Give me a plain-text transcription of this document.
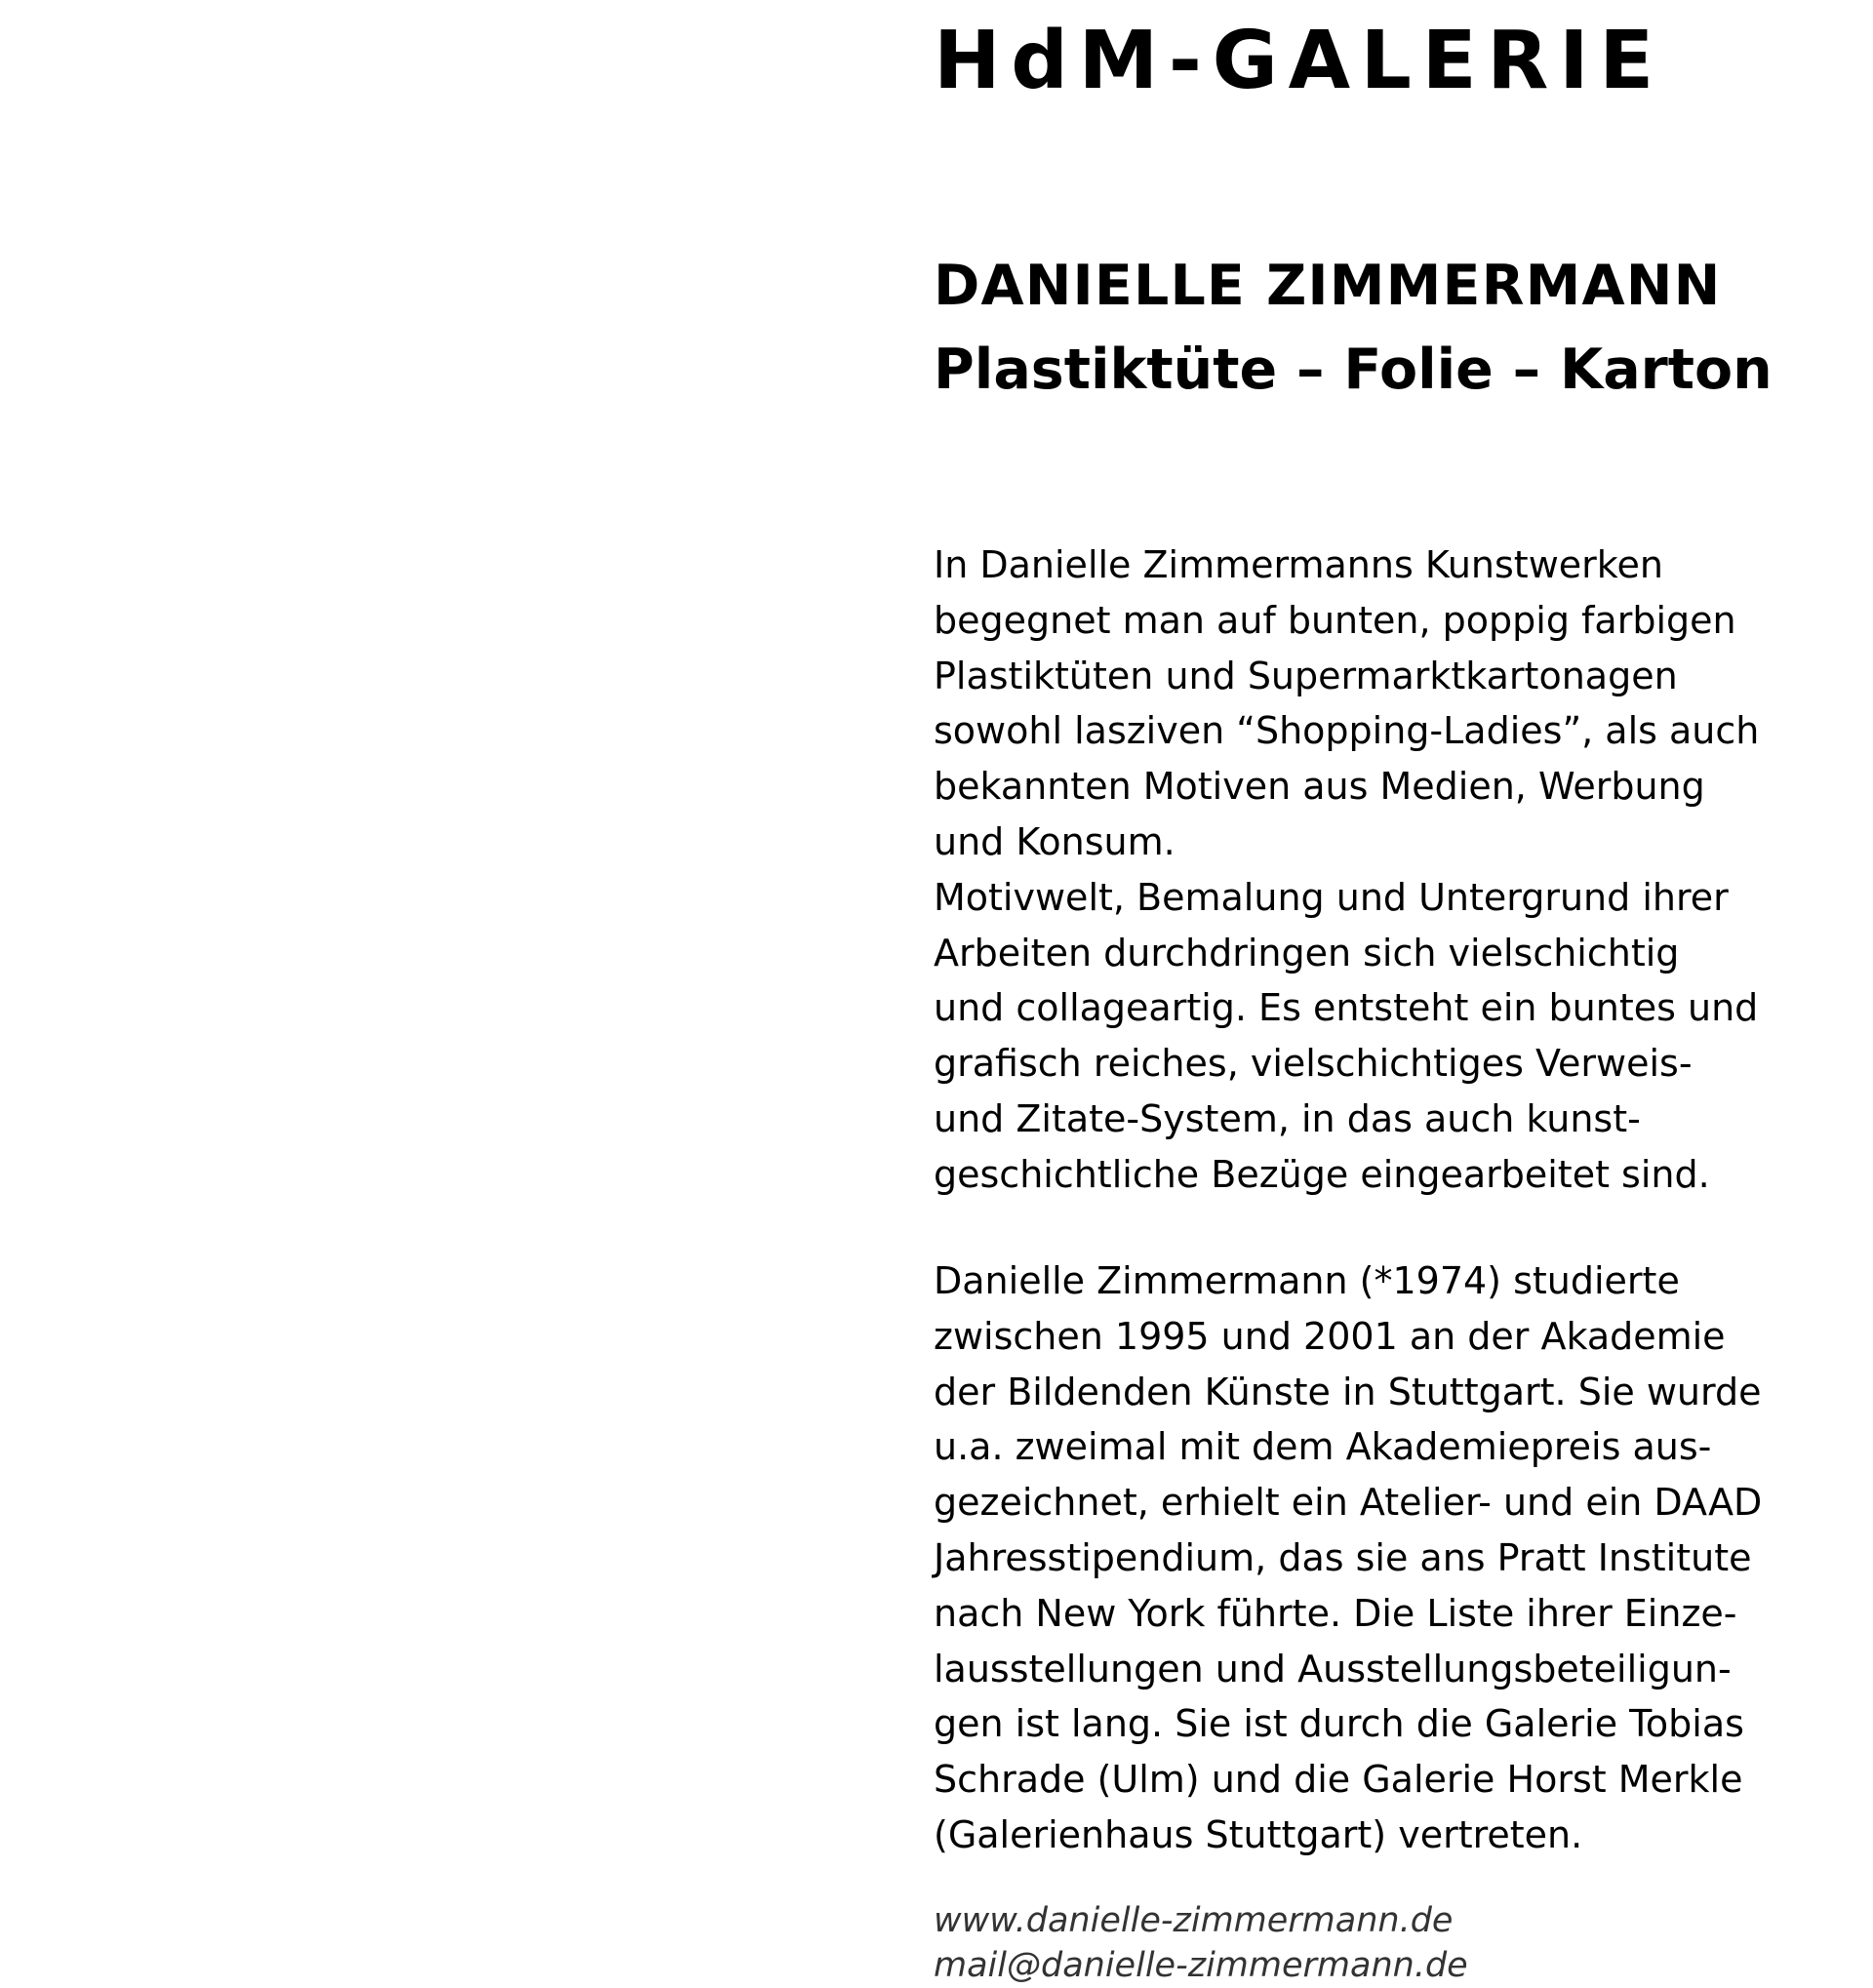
HdM-GALERIE
DANIELLE ZIMMERMANN
Plastiktüte – Folie – Karton

In Danielle Zimmermanns Kunstwerken
begegnet man auf bunten, poppig farbigen
Plastiktüten und Supermarktkartonagen
sowohl lasziven “Shopping-Ladies”, als auch
bekannten Motiven aus Medien, Werbung
und Konsum.
Motivwelt, Bemalung und Untergrund ihrer
Arbeiten durchdringen sich vielschichtig
und collageartig. Es entsteht ein buntes und
grafisch reiches, vielschichtiges Verweis-
und Zitate-System, in das auch kunst-
geschichtliche Bezüge eingearbeitet sind.

Danielle Zimmermann (*1974) studierte
zwischen 1995 und 2001 an der Akademie
der Bildenden Künste in Stuttgart. Sie wurde
u.a. zweimal mit dem Akademiepreis aus-
gezeichnet, erhielt ein Atelier- und ein DAAD
Jahresstipendium, das sie ans Pratt Institute
nach New York führte. Die Liste ihrer Einze-
lausstellungen und Ausstellungsbeteiligun-
gen ist lang. Sie ist durch die Galerie Tobias
Schrade (Ulm) und die Galerie Horst Merkle
(Galerienhaus Stuttgart) vertreten.

www.danielle-zimmermann.de
mail@danielle-zimmermann.de
